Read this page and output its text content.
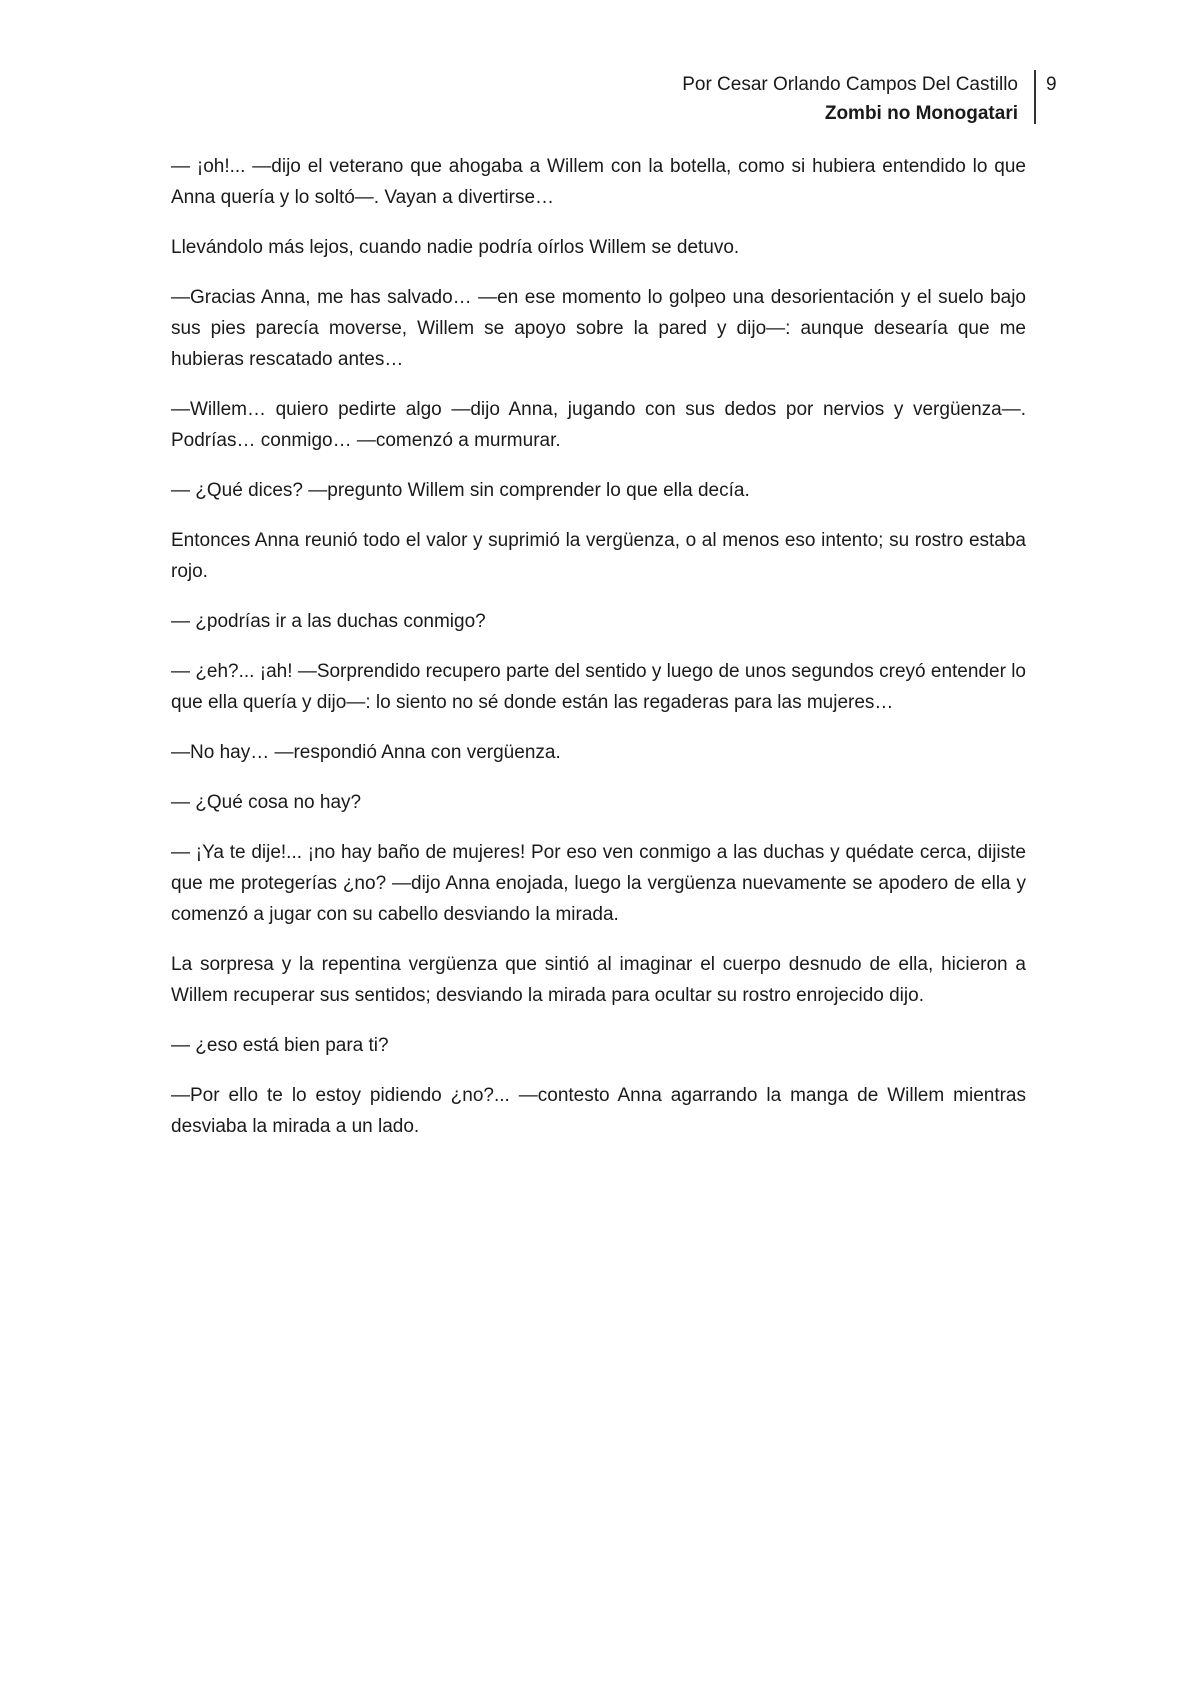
Por Cesar Orlando Campos Del Castillo
Zombi no Monogatari
9

— ¡oh!... —dijo el veterano que ahogaba a Willem con la botella, como si hubiera entendido lo que Anna quería y lo soltó—. Vayan a divertirse…

Llevándolo más lejos, cuando nadie podría oírlos Willem se detuvo.

—Gracias Anna, me has salvado… —en ese momento lo golpeo una desorientación y el suelo bajo sus pies parecía moverse, Willem se apoyo sobre la pared y dijo—: aunque desearía que me hubieras rescatado antes…

—Willem… quiero pedirte algo —dijo Anna, jugando con sus dedos por nervios y vergüenza—. Podrías… conmigo… —comenzó a murmurar.

— ¿Qué dices? —pregunto Willem sin comprender lo que ella decía.

Entonces Anna reunió todo el valor y suprimió la vergüenza, o al menos eso intento; su rostro estaba rojo.

— ¿podrías ir a las duchas conmigo?

— ¿eh?... ¡ah! —Sorprendido recupero parte del sentido y luego de unos segundos creyó entender lo que ella quería y dijo—: lo siento no sé donde están las regaderas para las mujeres…

—No hay… —respondió Anna con vergüenza.

— ¿Qué cosa no hay?

— ¡Ya te dije!... ¡no hay baño de mujeres! Por eso ven conmigo a las duchas y quédate cerca, dijiste que me protegerías ¿no? —dijo Anna enojada, luego la vergüenza nuevamente se apodero de ella y comenzó a jugar con su cabello desviando la mirada.

La sorpresa y la repentina vergüenza que sintió al imaginar el cuerpo desnudo de ella, hicieron a Willem recuperar sus sentidos; desviando la mirada para ocultar su rostro enrojecido dijo.

— ¿eso está bien para ti?

—Por ello te lo estoy pidiendo ¿no?... —contesto Anna agarrando la manga de Willem mientras desviaba la mirada a un lado.
